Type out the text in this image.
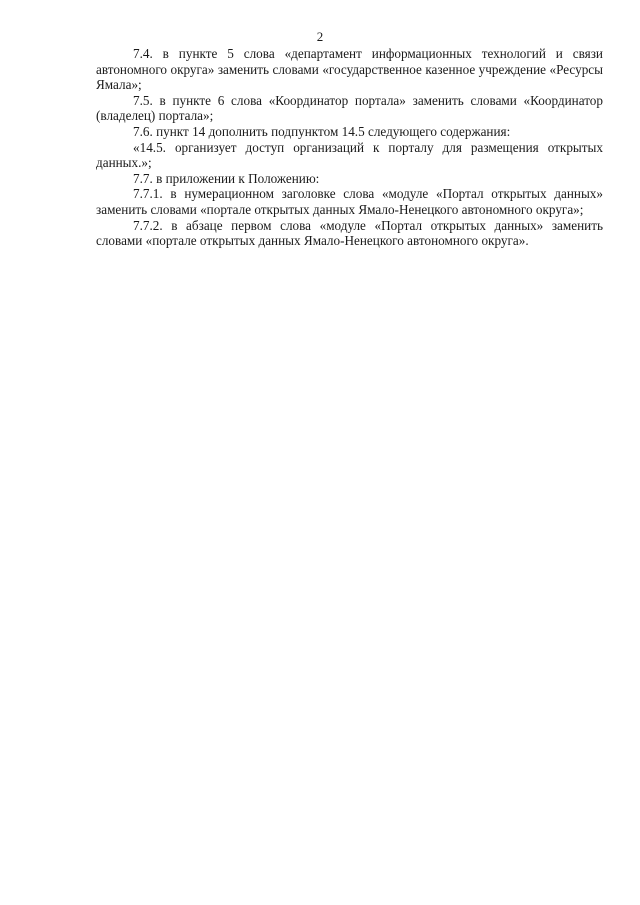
2

7.4. в пункте 5 слова «департамент информационных технологий и связи автономного округа» заменить словами «государственное казенное учреждение «Ресурсы Ямала»;

7.5. в пункте 6 слова «Координатор портала» заменить словами «Координатор (владелец) портала»;

7.6. пункт 14 дополнить подпунктом 14.5 следующего содержания:

«14.5. организует доступ организаций к порталу для размещения открытых данных.»;

7.7. в приложении к Положению:

7.7.1. в нумерационном заголовке слова «модуле «Портал открытых данных» заменить словами «портале открытых данных Ямало-Ненецкого автономного округа»;

7.7.2. в абзаце первом слова «модуле «Портал открытых данных» заменить словами «портале открытых данных Ямало-Ненецкого автономного округа».
